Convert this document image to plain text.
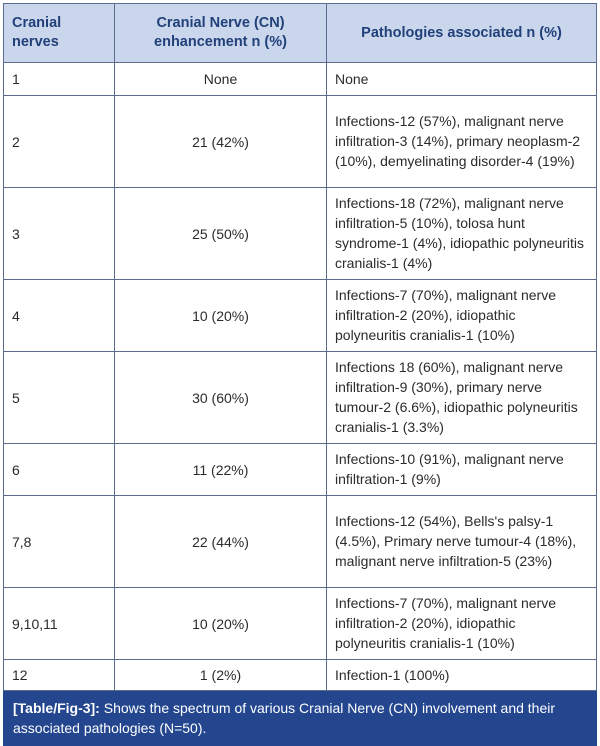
Cranial nerves	Cranial Nerve (CN) enhancement n (%)	Pathologies associated n (%)
1	None	None
2	21 (42%)	Infections-12 (57%), malignant nerve infiltration-3 (14%), primary neoplasm-2 (10%), demyelinating disorder-4 (19%)
3	25 (50%)	Infections-18 (72%), malignant nerve infiltration-5 (10%), tolosa hunt syndrome-1 (4%), idiopathic polyneuritis cranialis-1 (4%)
4	10 (20%)	Infections-7 (70%), malignant nerve infiltration-2 (20%), idiopathic polyneuritis cranialis-1 (10%)
5	30 (60%)	Infections 18 (60%), malignant nerve infiltration-9 (30%), primary nerve tumour-2 (6.6%), idiopathic polyneuritis cranialis-1 (3.3%)
6	11 (22%)	Infections-10 (91%), malignant nerve infiltration-1 (9%)
7,8	22 (44%)	Infections-12 (54%), Bells's palsy-1 (4.5%), Primary nerve tumour-4 (18%), malignant nerve infiltration-5 (23%)
9,10,11	10 (20%)	Infections-7 (70%), malignant nerve infiltration-2 (20%), idiopathic polyneuritis cranialis-1 (10%)
12	1 (2%)	Infection-1 (100%)
[Table/Fig-3]: Shows the spectrum of various Cranial Nerve (CN) involvement and their associated pathologies (N=50).
